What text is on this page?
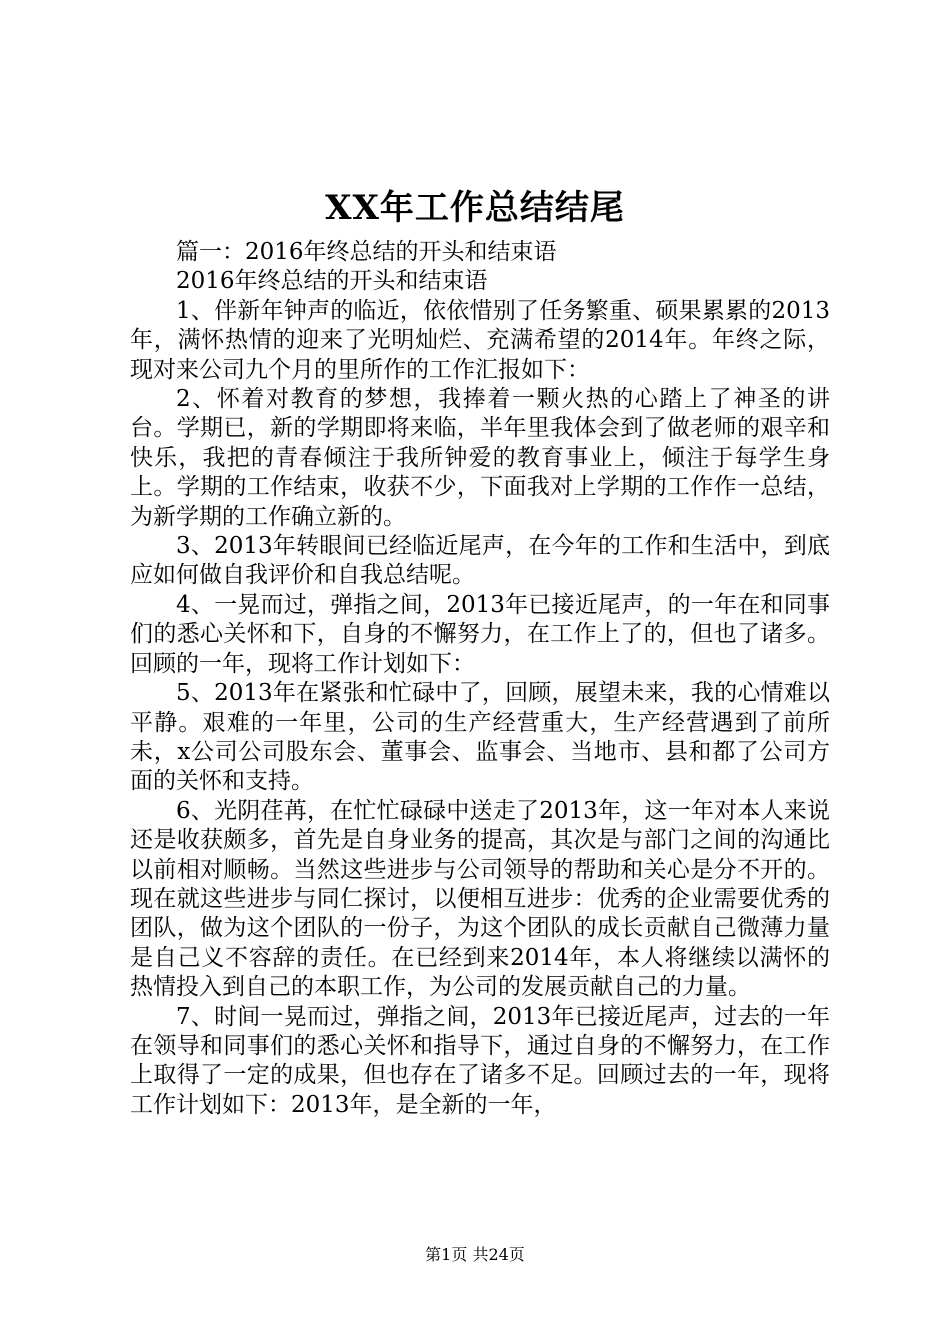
XX年工作总结结尾

篇一：2016年终总结的开头和结束语

2016年终总结的开头和结束语

1、伴新年钟声的临近，依依惜别了任务繁重、硕果累累的2013年，满怀热情的迎来了光明灿烂、充满希望的2014年。年终之际，现对来公司九个月的里所作的工作汇报如下：

2、怀着对教育的梦想，我捧着一颗火热的心踏上了神圣的讲台。学期已，新的学期即将来临，半年里我体会到了做老师的艰辛和快乐，我把的青春倾注于我所钟爱的教育事业上，倾注于每学生身上。学期的工作结束，收获不少，下面我对上学期的工作作一总结，为新学期的工作确立新的。

3、2013年转眼间已经临近尾声，在今年的工作和生活中，到底应如何做自我评价和自我总结呢。

4、一晃而过，弹指之间，2013年已接近尾声，的一年在和同事们的悉心关怀和下，自身的不懈努力，在工作上了的，但也了诸多。回顾的一年，现将工作计划如下：

5、2013年在紧张和忙碌中了，回顾，展望未来，我的心情难以平静。艰难的一年里，公司的生产经营重大，生产经营遇到了前所未，x公司公司股东会、董事会、监事会、当地市、县和都了公司方面的关怀和支持。

6、光阴荏苒，在忙忙碌碌中送走了2013年，这一年对本人来说还是收获颇多，首先是自身业务的提高，其次是与部门之间的沟通比以前相对顺畅。当然这些进步与公司领导的帮助和关心是分不开的。现在就这些进步与同仁探讨，以便相互进步：优秀的企业需要优秀的团队，做为这个团队的一份子，为这个团队的成长贡献自己微薄力量是自己义不容辞的责任。在已经到来2014年，本人将继续以满怀的热情投入到自己的本职工作，为公司的发展贡献自己的力量。

7、时间一晃而过，弹指之间，2013年已接近尾声，过去的一年在领导和同事们的悉心关怀和指导下，通过自身的不懈努力，在工作上取得了一定的成果，但也存在了诸多不足。回顾过去的一年，现将工作计划如下：2013年，是全新的一年，

第1页 共24页
